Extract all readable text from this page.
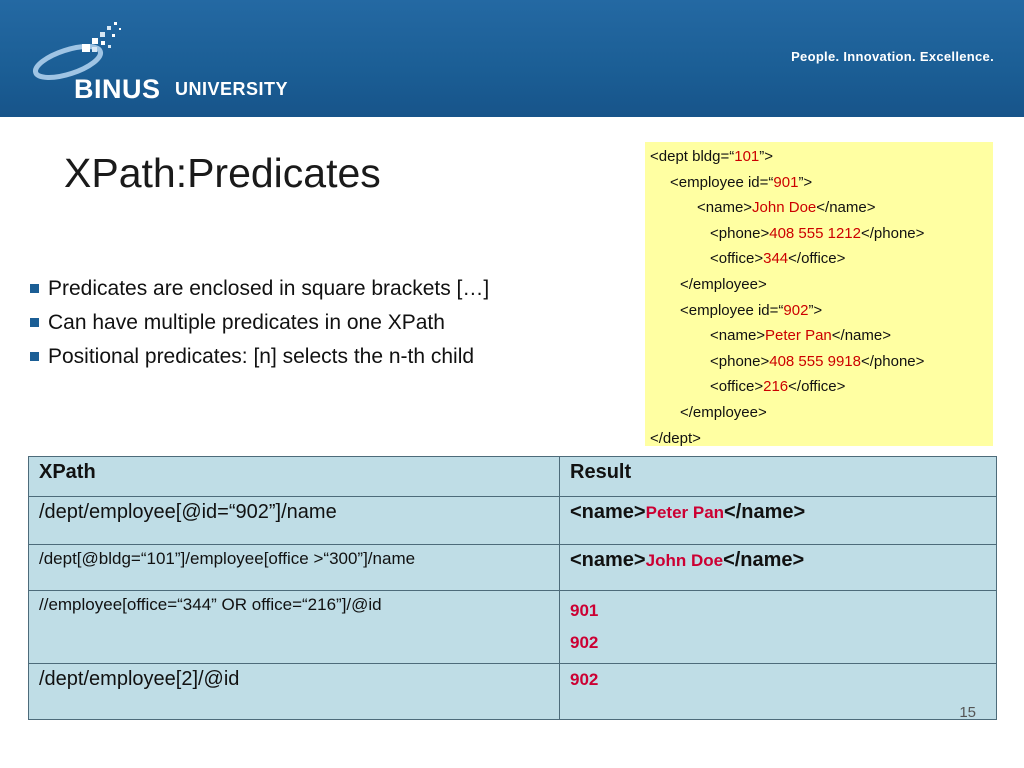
BINUS UNIVERSITY
People. Innovation. Excellence.
XPath:Predicates
Predicates are enclosed in square brackets […]
Can have multiple predicates in one XPath
Positional predicates: [n] selects the n-th child
<dept bldg=“101”>
<employee id=“901”>
<name>John Doe</name>
<phone>408 555 1212</phone>
<office>344</office>
</employee>
<employee id=“902”>
<name>Peter Pan</name>
<phone>408 555 9918</phone>
<office>216</office>
</employee>
</dept>
XPath	Result
/dept/employee[@id=“902”]/name	<name>Peter Pan</name>
/dept[@bldg=“101”]/employee[office >“300”]/name	<name>John Doe</name>
//employee[office=“344” OR office=“216”]/@id	901
902

/dept/employee[2]/@id	902
15
